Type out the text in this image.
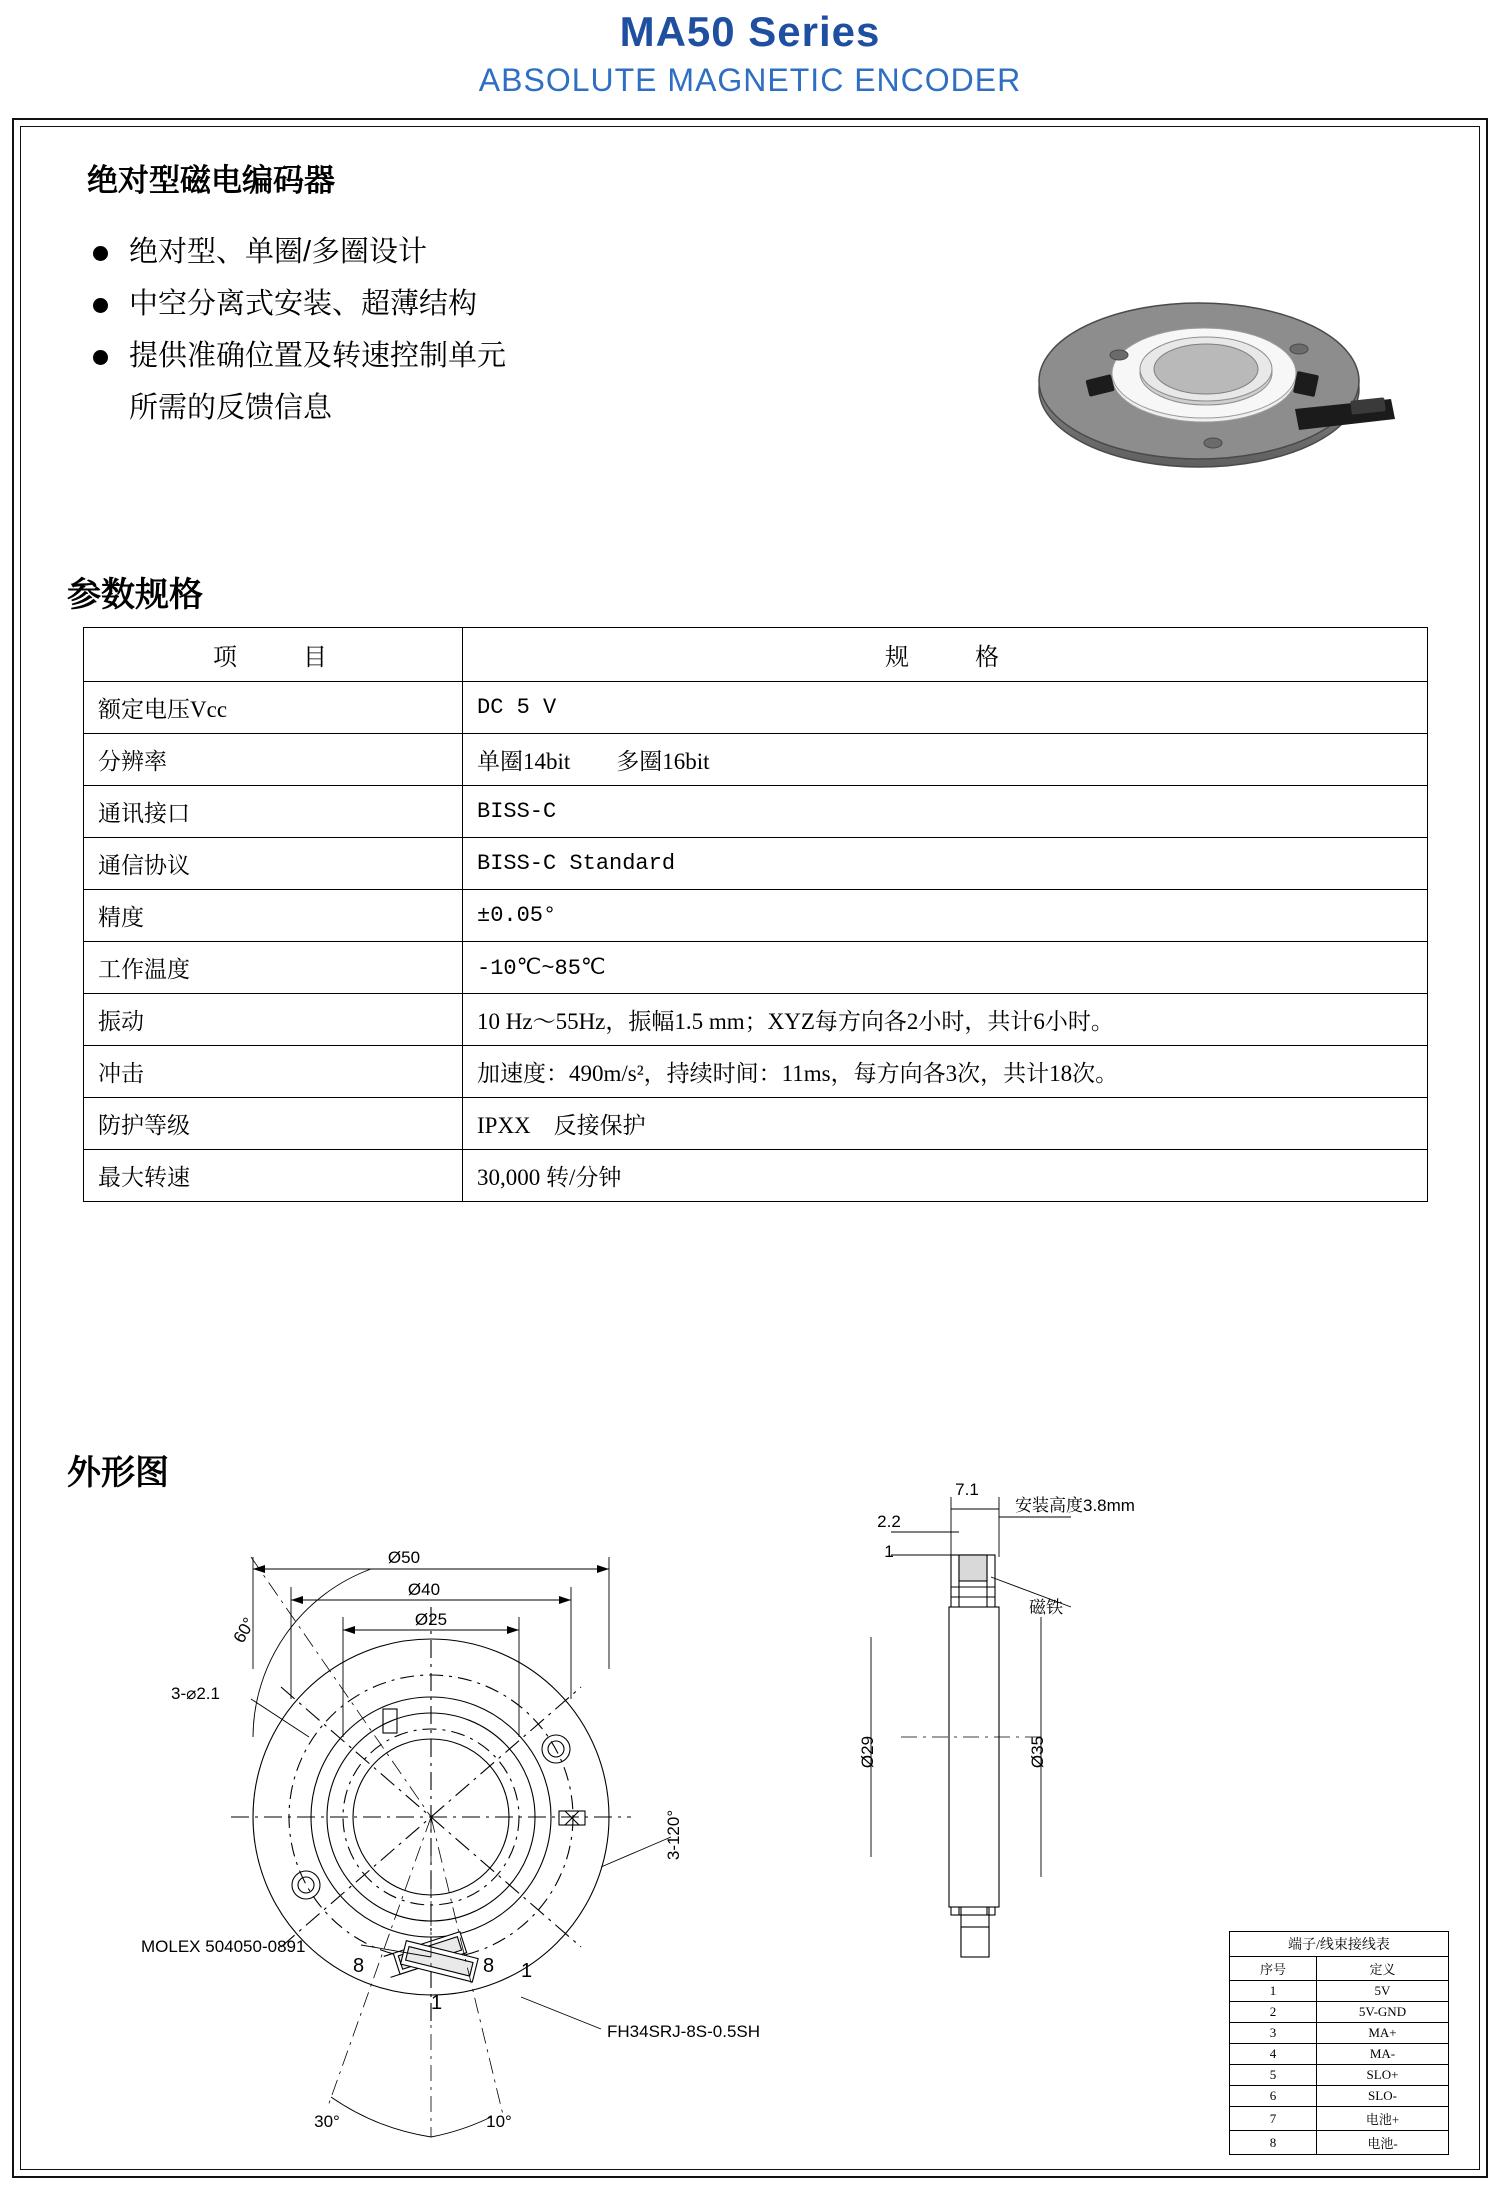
MA50 Series
ABSOLUTE MAGNETIC ENCODER
绝对型磁电编码器
绝对型、单圈/多圈设计
中空分离式安装、超薄结构
提供准确位置及转速控制单元
所需的反馈信息
参数规格
项　　目	规　　格
额定电压Vcc	DC 5 V
分辨率	单圈14bit　　多圈16bit
通讯接口	BISS-C
通信协议	BISS-C Standard
精度	±0.05°
工作温度	-10℃~85℃
振动	10 Hz～55Hz，振幅1.5 mm；XYZ每方向各2小时，共计6小时。
冲击	加速度：490m/s²，持续时间：11ms，每方向各3次，共计18次。
防护等级	IPXX　反接保护
最大转速	30,000 转/分钟
外形图
Ø50
Ø40
Ø25
60°
3-⌀2.1
3-120°
MOLEX 504050-0891
FH34SRJ-8S-0.5SH
30°	10°
8	8 1
1
7.1
2.2
1
安装高度3.8mm
磁铁
Ø29	Ø35
端子/线束接线表	
序号	定义
1	5V
2	5V-GND
3	MA+
4	MA-
5	SLO+
6	SLO-
7	电池+
8	电池-
